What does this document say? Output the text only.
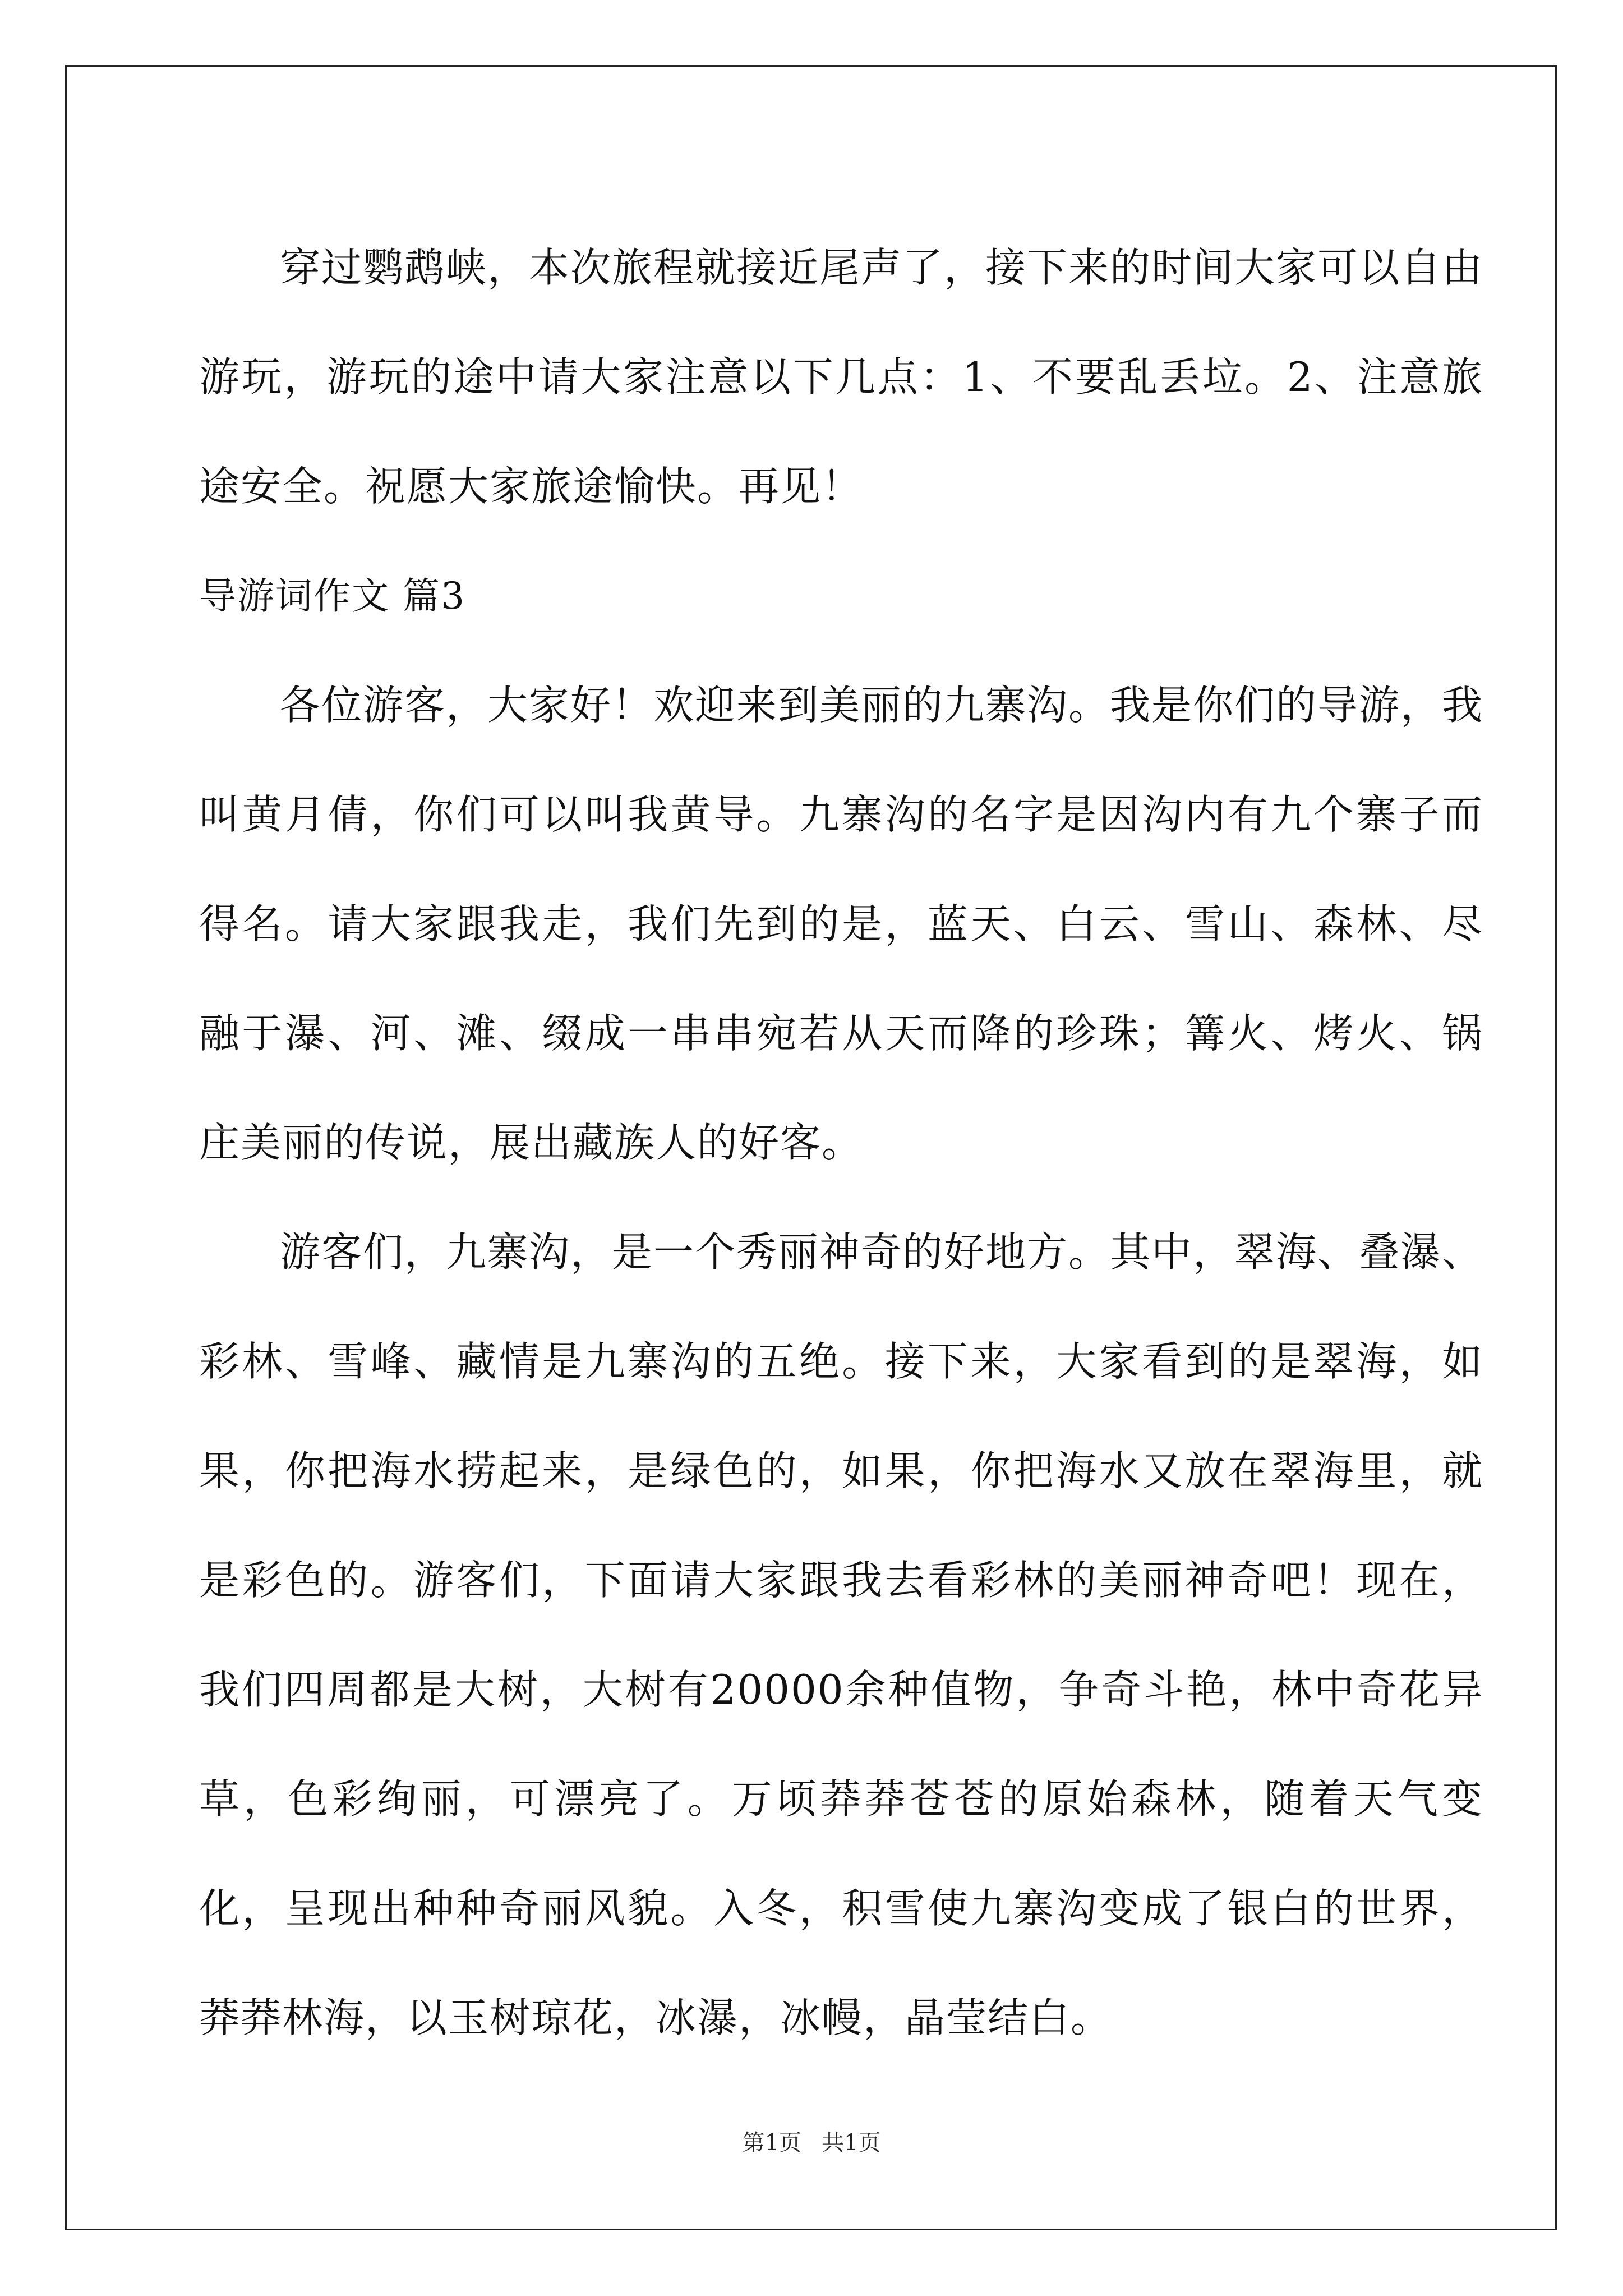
穿过鹦鹉峡，本次旅程就接近尾声了，接下来的时间大家可以自由游玩，游玩的途中请大家注意以下几点：1、不要乱丢垃。2、注意旅途安全。祝愿大家旅途愉快。再见！

导游词作文 篇3

各位游客，大家好！欢迎来到美丽的九寨沟。我是你们的导游，我叫黄月倩，你们可以叫我黄导。九寨沟的名字是因沟内有九个寨子而得名。请大家跟我走，我们先到的是，蓝天、白云、雪山、森林、尽融于瀑、河、滩、缀成一串串宛若从天而降的珍珠；篝火、烤火、锅庄美丽的传说，展出藏族人的好客。

游客们，九寨沟，是一个秀丽神奇的好地方。其中，翠海、叠瀑、彩林、雪峰、藏情是九寨沟的五绝。接下来，大家看到的是翠海，如果，你把海水捞起来，是绿色的，如果，你把海水又放在翠海里，就是彩色的。游客们，下面请大家跟我去看彩林的美丽神奇吧！现在，我们四周都是大树，大树有20000余种值物，争奇斗艳，林中奇花异草，色彩绚丽，可漂亮了。万顷莽莽苍苍的原始森林，随着天气变化，呈现出种种奇丽风貌。入冬，积雪使九寨沟变成了银白的世界，莽莽林海，以玉树琼花，冰瀑，冰幔，晶莹结白。

第1页 共1页
